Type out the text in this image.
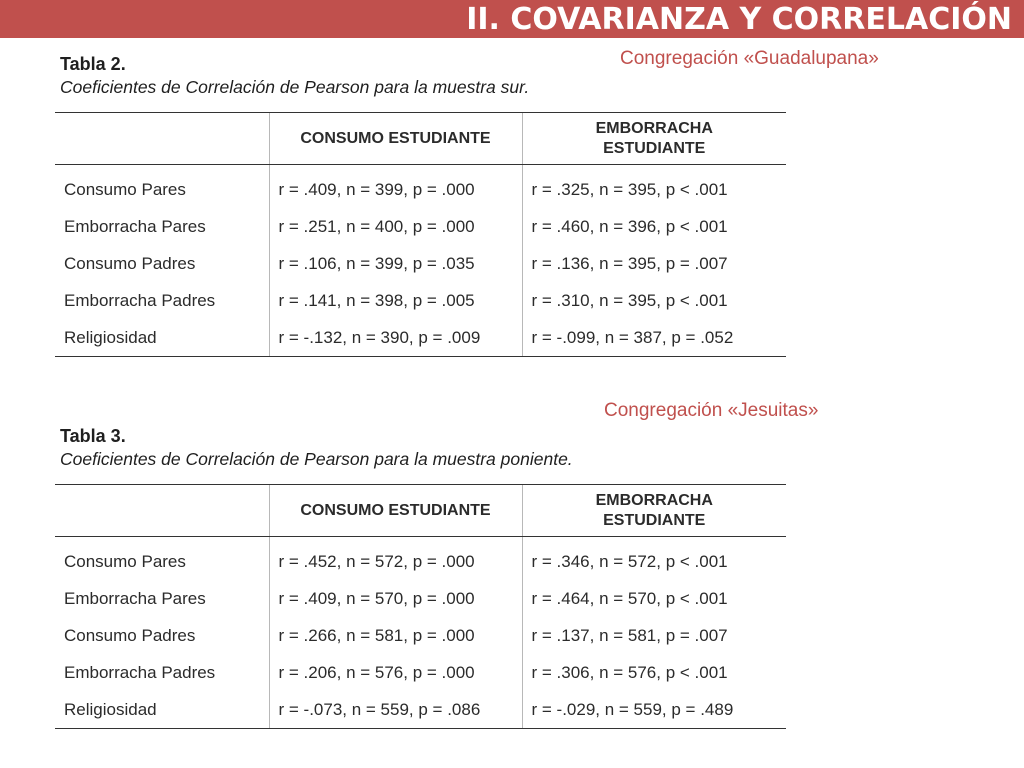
II. COVARIANZA Y CORRELACIÓN
Congregación «Guadalupana»
Congregación «Jesuitas»
Tabla 2.
Coeficientes de Correlación de Pearson para la muestra sur.
	CONSUMO ESTUDIANTE	EMBORRACHA
ESTUDIANTE

Consumo Pares	r = .409, n = 399, p = .000	r = .325, n = 395, p < .001
Emborracha Pares	r = .251, n = 400, p = .000	r = .460, n = 396, p < .001
Consumo Padres	r = .106, n = 399, p = .035	r = .136, n = 395, p = .007
Emborracha Padres	r = .141, n = 398, p = .005	r = .310, n = 395, p < .001
Religiosidad	r = -.132, n = 390, p = .009	r = -.099, n = 387, p = .052
Tabla 3.
Coeficientes de Correlación de Pearson para la muestra poniente.
	CONSUMO ESTUDIANTE	EMBORRACHA
ESTUDIANTE

Consumo Pares	r = .452, n = 572, p = .000	r = .346, n = 572, p < .001
Emborracha Pares	r = .409, n = 570, p = .000	r = .464, n = 570, p < .001
Consumo Padres	r = .266, n = 581, p = .000	r = .137, n = 581, p = .007
Emborracha Padres	r = .206, n = 576, p = .000	r = .306, n = 576, p < .001
Religiosidad	r = -.073, n = 559, p = .086	r = -.029, n = 559, p = .489
